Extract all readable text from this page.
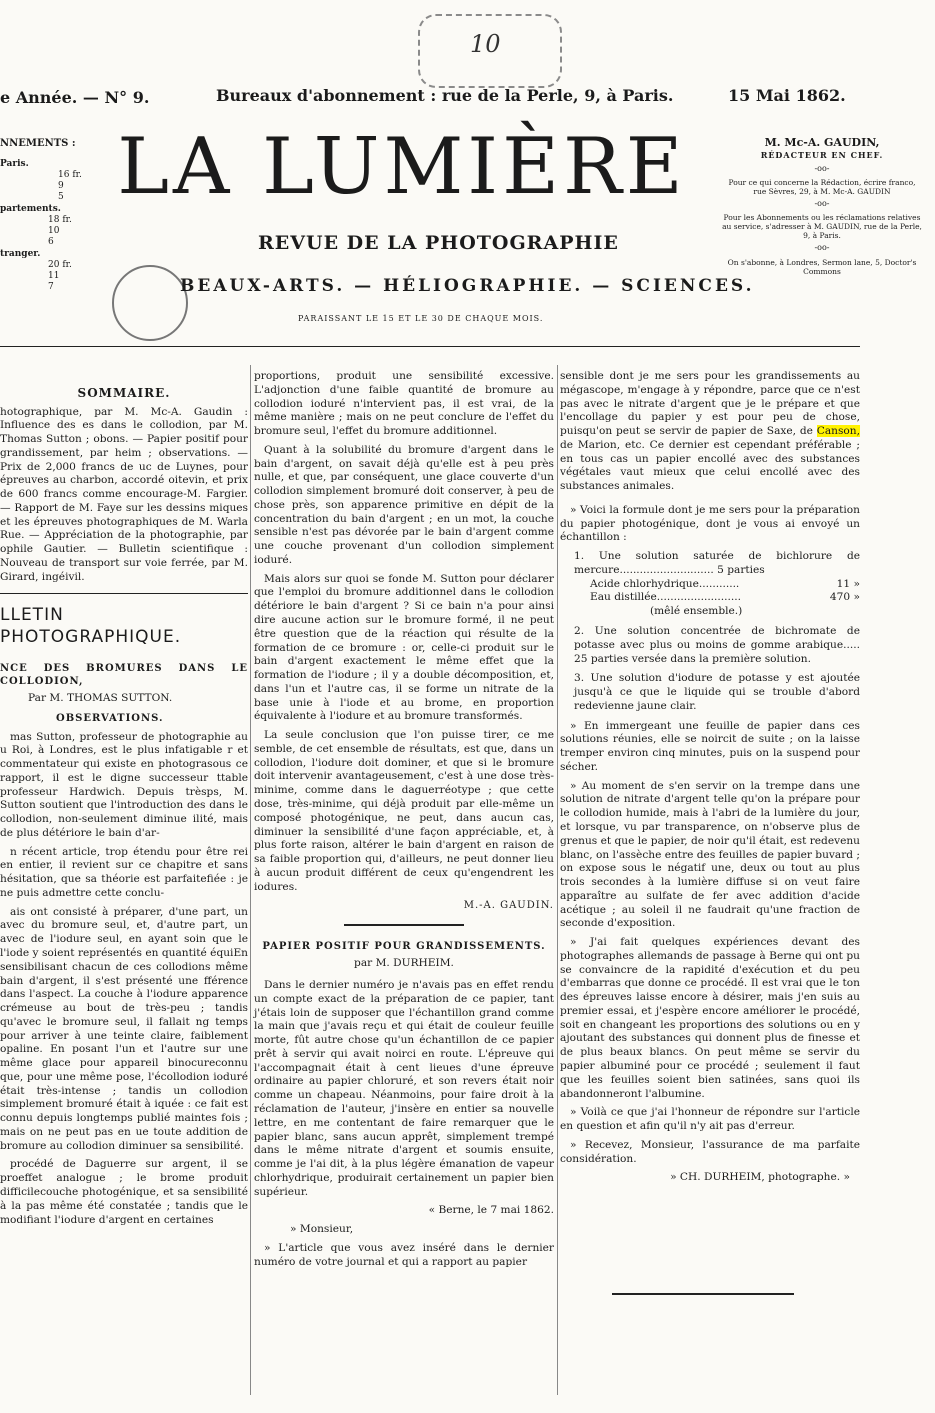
10
e Année. — N° 9.	Bureaux d'abonnement : rue de la Perle, 9, à Paris.	15 Mai 1862.
NNEMENTS :
Paris.
16 fr.
9
5
partements.
18 fr.
10
6
tranger.
20 fr.
11
7
LA LUMIÈRE
REVUE DE LA PHOTOGRAPHIE
BEAUX-ARTS. — HÉLIOGRAPHIE. — SCIENCES.
PARAISSANT LE 15 ET LE 30 DE CHAQUE MOIS.
M. Mc-A. GAUDIN,
RÉDACTEUR EN CHEF.
-oo-
Pour ce qui concerne la Rédaction, écrire franco, rue Sèvres, 29, à M. Mc-A. GAUDIN
-oo-
Pour les Abonnements ou les réclamations relatives au service, s'adresser à M. GAUDIN, rue de la Perle, 9, à Paris.
-oo-
On s'abonne, à Londres, Sermon lane, 5, Doctor's Commons
SOMMAIRE.

hotographique, par M. Mc-A. Gaudin : Influence des es dans le collodion, par M. Thomas Sutton ; obons. — Papier positif pour grandissement, par heim ; observations. — Prix de 2,000 francs de uc de Luynes, pour épreuves au charbon, accordé oitevin, et prix de 600 francs comme encourage-M. Fargier. — Rapport de M. Faye sur les dessins miques et les épreuves photographiques de M. Warla Rue. — Appréciation de la photographie, par ophile Gautier. — Bulletin scientifique : Nouveau de transport sur voie ferrée, par M. Girard, ingéivil.

LLETIN PHOTOGRAPHIQUE.
NCE DES BROMURES DANS LE COLLODION,
Par M. THOMAS SUTTON.
OBSERVATIONS.

mas Sutton, professeur de photographie au u Roi, à Londres, est le plus infatigable r et commentateur qui existe en photograsous ce rapport, il est le digne successeur ttable professeur Hardwich. Depuis trèsps, M. Sutton soutient que l'introduction des dans le collodion, non-seulement diminue ilité, mais de plus détériore le bain d'ar-

n récent article, trop étendu pour être rei en entier, il revient sur ce chapitre et sans hésitation, que sa théorie est parfaitefiée : je ne puis admettre cette conclu-

ais ont consisté à préparer, d'une part, un avec du bromure seul, et, d'autre part, un avec de l'iodure seul, en ayant soin que le l'iode y soient représentés en quantité équiEn sensibilisant chacun de ces collodions même bain d'argent, il s'est présenté une fférence dans l'aspect. La couche à l'iodure apparence crémeuse au bout de très-peu ; tandis qu'avec le bromure seul, il fallait ng temps pour arriver à une teinte claire, faiblement opaline. En posant l'un et l'autre sur une même glace pour appareil binocureconnu que, pour une même pose, l'écollodion ioduré était très-intense ; tandis un collodion simplement bromuré était à iquée : ce fait est connu depuis longtemps publié maintes fois ; mais on ne peut pas en ue toute addition de bromure au collodion diminuer sa sensibilité.

procédé de Daguerre sur argent, il se proeffet analogue ; le brome produit difficilecouche photogénique, et sa sensibilité à la pas même été constatée ; tandis que le modifiant l'iodure d'argent en certaines

proportions, produit une sensibilité excessive. L'adjonction d'une faible quantité de bromure au collodion ioduré n'intervient pas, il est vrai, de la même manière ; mais on ne peut conclure de l'effet du bromure seul, l'effet du bromure additionnel.

Quant à la solubilité du bromure d'argent dans le bain d'argent, on savait déjà qu'elle est à peu près nulle, et que, par conséquent, une glace couverte d'un collodion simplement bromuré doit conserver, à peu de chose près, son apparence primitive en dépit de la concentration du bain d'argent ; en un mot, la couche sensible n'est pas dévorée par le bain d'argent comme une couche provenant d'un collodion simplement ioduré.

Mais alors sur quoi se fonde M. Sutton pour déclarer que l'emploi du bromure additionnel dans le collodion détériore le bain d'argent ? Si ce bain n'a pour ainsi dire aucune action sur le bromure formé, il ne peut être question que de la réaction qui résulte de la formation de ce bromure : or, celle-ci produit sur le bain d'argent exactement le même effet que la formation de l'iodure ; il y a double décomposition, et, dans l'un et l'autre cas, il se forme un nitrate de la base unie à l'iode et au brome, en proportion équivalente à l'iodure et au bromure transformés.

La seule conclusion que l'on puisse tirer, ce me semble, de cet ensemble de résultats, est que, dans un collodion, l'iodure doit dominer, et que si le bromure doit intervenir avantageusement, c'est à une dose très-minime, comme dans le daguerréotype ; que cette dose, très-minime, qui déjà produit par elle-même un composé photogénique, ne peut, dans aucun cas, diminuer la sensibilité d'une façon appréciable, et, à plus forte raison, altérer le bain d'argent en raison de sa faible proportion qui, d'ailleurs, ne peut donner lieu à aucun produit différent de ceux qu'engendrent les iodures.

M.-A. GAUDIN.

PAPIER POSITIF POUR GRANDISSEMENTS.
par M. DURHEIM.

Dans le dernier numéro je n'avais pas en effet rendu un compte exact de la préparation de ce papier, tant j'étais loin de supposer que l'échantillon grand comme la main que j'avais reçu et qui était de couleur feuille morte, fût autre chose qu'un échantillon de ce papier prêt à servir qui avait noirci en route. L'épreuve qui l'accompagnait était à cent lieues d'une épreuve ordinaire au papier chloruré, et son revers était noir comme un chapeau. Néanmoins, pour faire droit à la réclamation de l'auteur, j'insère en entier sa nouvelle lettre, en me contentant de faire remarquer que le papier blanc, sans aucun apprêt, simplement trempé dans le même nitrate d'argent et soumis ensuite, comme je l'ai dit, à la plus légère émanation de vapeur chlorhydrique, produirait certainement un papier bien supérieur.

« Berne, le 7 mai 1862.

» Monsieur,

» L'article que vous avez inséré dans le dernier numéro de votre journal et qui a rapport au papier

sensible dont je me sers pour les grandissements au mégascope, m'engage à y répondre, parce que ce n'est pas avec le nitrate d'argent que je le prépare et que l'encollage du papier y est pour peu de chose, puisqu'on peut se servir de papier de Saxe, de Canson, de Marion, etc. Ce dernier est cependant préférable ; en tous cas un papier encollé avec des substances végétales vaut mieux que celui encollé avec des substances animales.

» Voici la formule dont je me sers pour la préparation du papier photogénique, dont je vous ai envoyé un échantillon :

1. Une solution saturée de bichlorure de mercure............................ 5 parties
Acide chlorhydrique............	11 »
Eau distillée.........................	470 »
(mêlé ensemble.)
2. Une solution concentrée de bichromate de potasse avec plus ou moins de gomme arabique..... 25 parties versée dans la première solution.
3. Une solution d'iodure de potasse y est ajoutée jusqu'à ce que le liquide qui se trouble d'abord redevienne jaune clair.

» En immergeant une feuille de papier dans ces solutions réunies, elle se noircit de suite ; on la laisse tremper environ cinq minutes, puis on la suspend pour sécher.

» Au moment de s'en servir on la trempe dans une solution de nitrate d'argent telle qu'on la prépare pour le collodion humide, mais à l'abri de la lumière du jour, et lorsque, vu par transparence, on n'observe plus de grenus et que le papier, de noir qu'il était, est redevenu blanc, on l'assèche entre des feuilles de papier buvard ; on expose sous le négatif une, deux ou tout au plus trois secondes à la lumière diffuse si on veut faire apparaître au sulfate de fer avec addition d'acide acétique ; au soleil il ne faudrait qu'une fraction de seconde d'exposition.

» J'ai fait quelques expériences devant des photographes allemands de passage à Berne qui ont pu se convaincre de la rapidité d'exécution et du peu d'embarras que donne ce procédé. Il est vrai que le ton des épreuves laisse encore à désirer, mais j'en suis au premier essai, et j'espère encore améliorer le procédé, soit en changeant les proportions des solutions ou en y ajoutant des substances qui donnent plus de finesse et de plus beaux blancs. On peut même se servir du papier albuminé pour ce procédé ; seulement il faut que les feuilles soient bien satinées, sans quoi ils abandonneront l'albumine.

» Voilà ce que j'ai l'honneur de répondre sur l'article en question et afin qu'il n'y ait pas d'erreur.

» Recevez, Monsieur, l'assurance de ma parfaite considération.

» CH. DURHEIM, photographe. »
